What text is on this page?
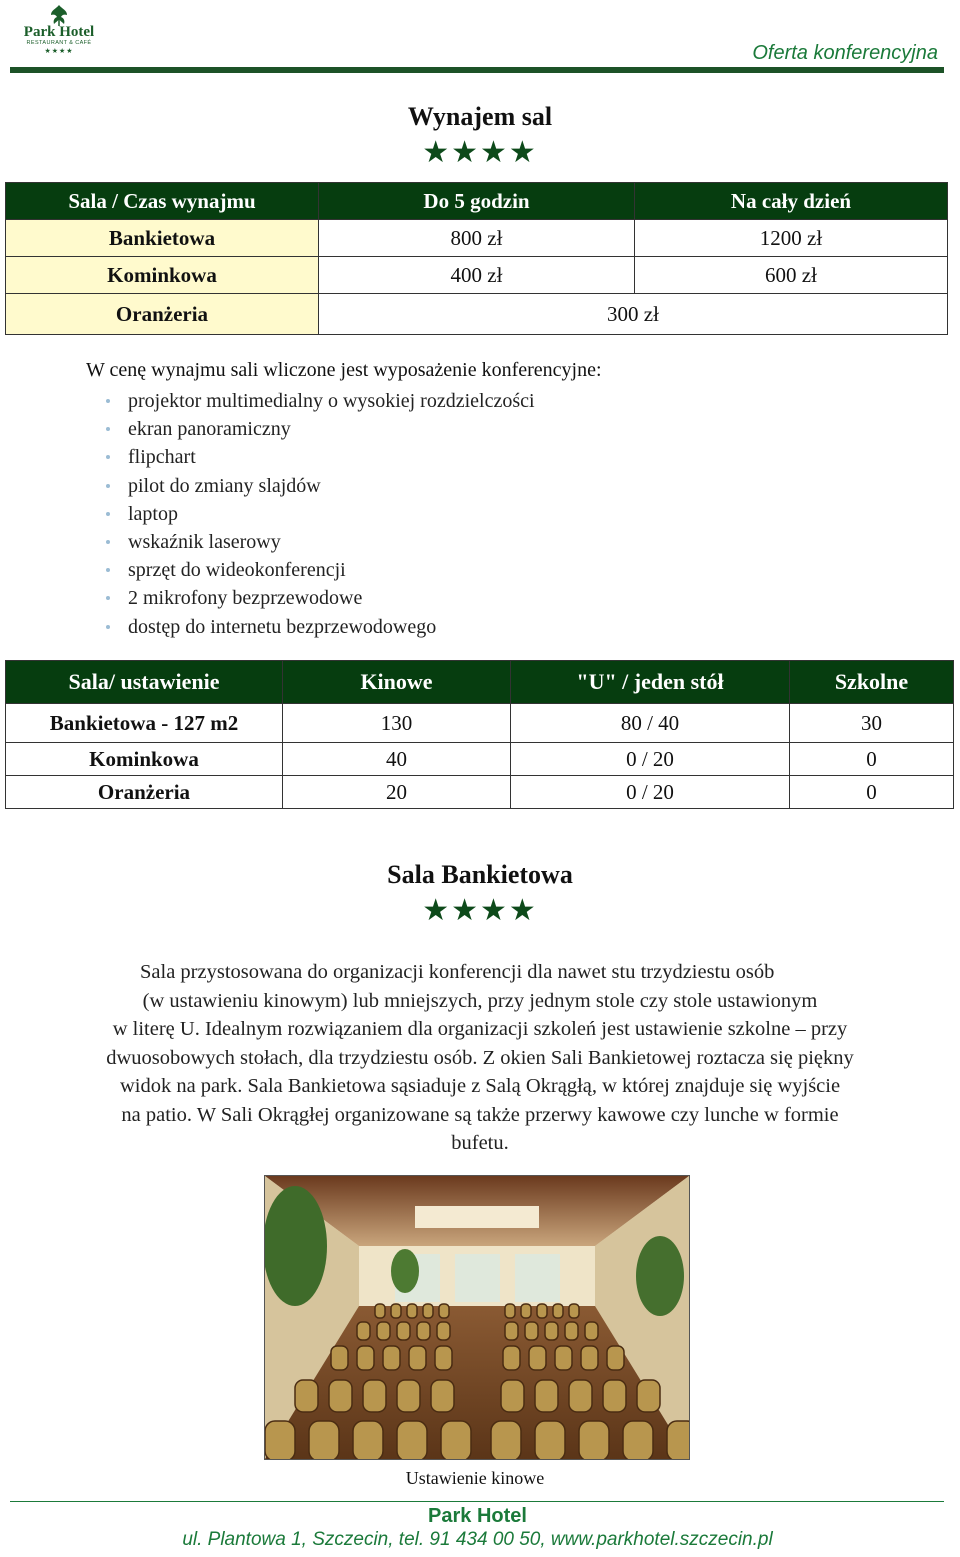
Park Hotel
RESTAURANT & CAFÉ
★★★★	Oferta konferencyjna
Wynajem sal
★★★★
Sala / Czas wynajmu	Do 5 godzin	Na cały dzień
Bankietowa	800 zł	1200 zł
Kominkowa	400 zł	600 zł
Oranżeria	300 zł	
W cenę wynajmu sali wliczone jest wyposażenie konferencyjne:
projektor multimedialny o wysokiej rozdzielczości
ekran panoramiczny
flipchart
pilot do zmiany slajdów
laptop
wskaźnik laserowy
sprzęt do wideokonferencji
2 mikrofony bezprzewodowe
dostęp do internetu bezprzewodowego
Sala/ ustawienie	Kinowe	"U" / jeden stół	Szkolne
Bankietowa - 127 m2	130	80 / 40	30
Kominkowa	40	0 / 20	0
Oranżeria	20	0 / 20	0
Sala Bankietowa
★★★★
Sala przystosowana do organizacji konferencji dla nawet stu trzydziestu osób
(w ustawieniu kinowym) lub mniejszych, przy jednym stole czy stole ustawionym
w literę U. Idealnym rozwiązaniem dla organizacji szkoleń jest ustawienie szkolne – przy
dwuosobowych stołach, dla trzydziestu osób. Z okien Sali Bankietowej roztacza się piękny
widok na park. Sala Bankietowa sąsiaduje z Salą Okrągłą, w której znajduje się wyjście
na patio. W Sali Okrągłej organizowane są także przerwy kawowe czy lunche w formie
bufetu.
Ustawienie kinowe
Park Hotel
ul. Plantowa 1, Szczecin, tel. 91 434 00 50, www.parkhotel.szczecin.pl
